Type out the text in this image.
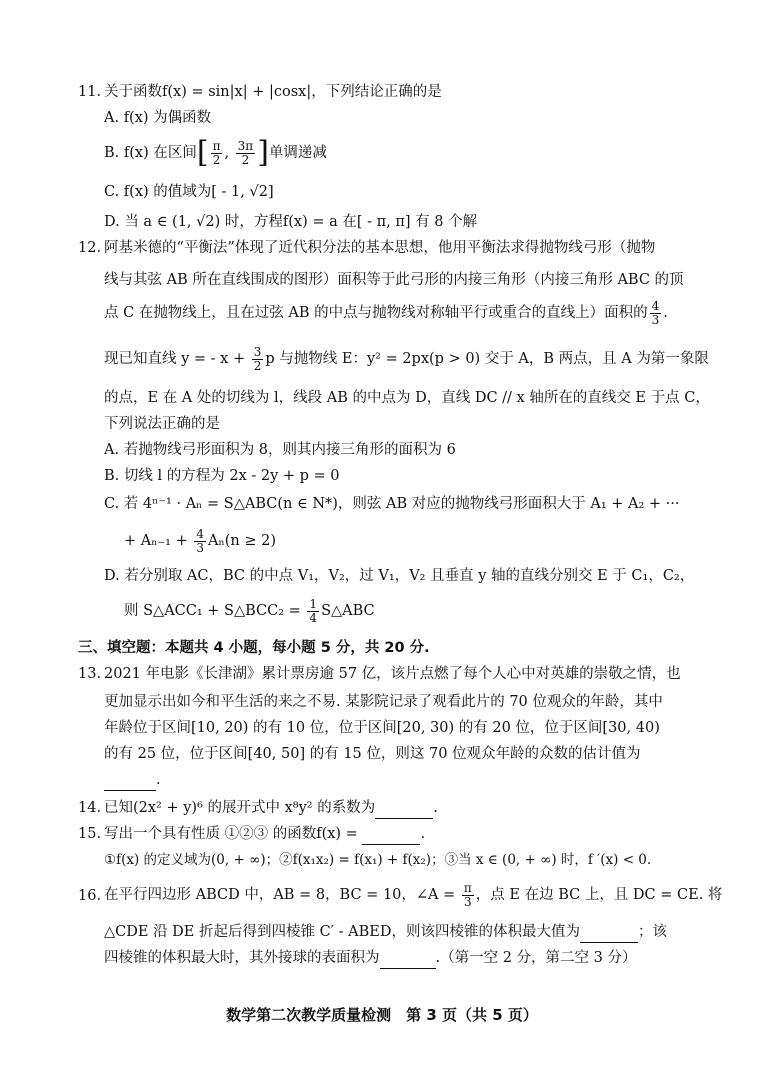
11. 关于函数f(x) = sin|x| + |cosx|，下列结论正确的是
A. f(x) 为偶函数
B. f(x) 在区间[ $\frac{\pi}{2}$ , $\frac{3\pi}{2}$ ]单调递减
C. f(x) 的值域为[ - 1, √2]
D. 当 a ∈ (1, √2) 时，方程f(x) = a 在[ - π, π] 有 8 个解
12. 阿基米德的“平衡法”体现了近代积分法的基本思想，他用平衡法求得抛物线弓形（抛物
线与其弦 AB 所在直线围成的图形）面积等于此弓形的内接三角形（内接三角形 ABC 的顶
点 C 在抛物线上，且在过弦 AB 的中点与抛物线对称轴平行或重合的直线上）面积的 $\frac{4}{3}$ .
现已知直线 y = - $x + \frac{3}{2}$ p 与抛物线 E：y² = 2px(p > 0) 交于 A，B 两点，且 A 为第一象限
的点，E 在 A 处的切线为 l，线段 AB 的中点为 D，直线 DC // x 轴所在的直线交 E 于点 C，
下列说法正确的是
A. 若抛物线弓形面积为 8，则其内接三角形的面积为 6
B. 切线 l 的方程为 2x - 2y + p = 0
C. 若 4ⁿ⁻¹ · Aₙ = S△ABC(n ∈ N*)，则弦 AB 对应的抛物线弓形面积大于 A₁ + A₂ + ···
+ $A_{n-1} + \frac{4}{3} A_n(n \ge 2)$
D. 若分别取 AC，BC 的中点 V₁，V₂，过 V₁，V₂ 且垂直 y 轴的直线分别交 E 于 C₁，C₂，
则 S△ACC₁ + S△BCC₂ = $\frac{1}{4}$ S△ABC
三、填空题：本题共 4 小题，每小题 5 分，共 20 分.
13. 2021 年电影《长津湖》累计票房逾 57 亿，该片点燃了每个人心中对英雄的崇敬之情，也
更加显示出如今和平生活的来之不易. 某影院记录了观看此片的 70 位观众的年龄，其中
年龄位于区间[10, 20) 的有 10 位，位于区间[20, 30) 的有 20 位，位于区间[30, 40)
的有 25 位，位于区间[40, 50] 的有 15 位，则这 70 位观众年龄的众数的估计值为
.
14. 已知(2x² + y)⁶ 的展开式中 x⁸y² 的系数为	.
15. 写出一个具有性质 ①②③ 的函数f(x) =	.
①f(x) 的定义域为(0, + ∞)；②f(x₁x₂) = f(x₁) + f(x₂)；③当 x ∈ (0, + ∞) 时，f ′(x) < 0.
16. 在平行四边形 ABCD 中，AB = 8，BC = 10，∠A = $\frac{\pi}{3}$ ，点 E 在边 BC 上，且 DC = CE. 将
△CDE 沿 DE 折起后得到四棱锥 C′ - ABED，则该四棱锥的体积最大值为	；该
四棱锥的体积最大时，其外接球的表面积为	.（第一空 2 分，第二空 3 分）
数学第二次教学质量检测　第 3 页（共 5 页）
